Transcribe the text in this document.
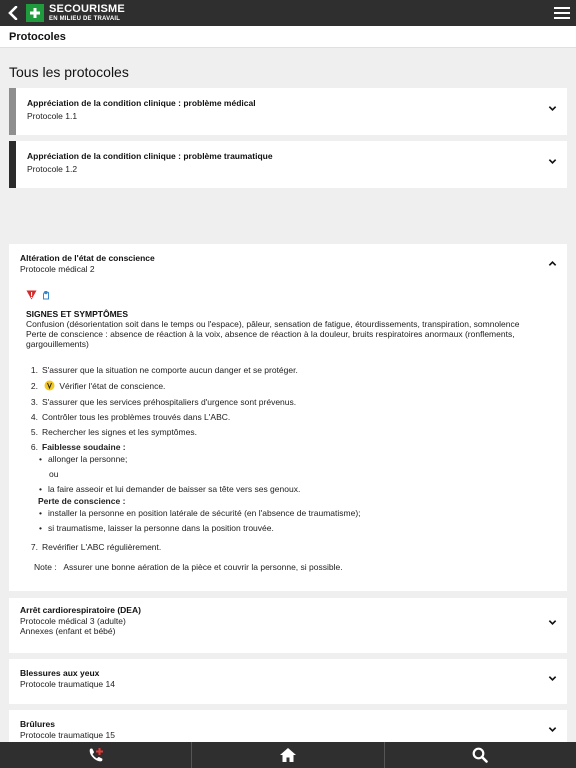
SECOURISME
EN MILIEU DE TRAVAIL
Protocoles
Tous les protocoles
Appréciation de la condition clinique : problème médical
Protocole 1.1
Appréciation de la condition clinique : problème traumatique
Protocole 1.2
Altération de l'état de conscience
Protocole médical 2
SIGNES ET SYMPTÔMES
Confusion (désorientation soit dans le temps ou l'espace), pâleur, sensation de fatigue, étourdissements, transpiration, somnolence
Perte de conscience : absence de réaction à la voix, absence de réaction à la douleur, bruits respiratoires anormaux (ronflements, gargouillements)
1. S'assurer que la situation ne comporte aucun danger et se protéger.
2.	Vérifier l'état de conscience.
3. S'assurer que les services préhospitaliers d'urgence sont prévenus.
4. Contrôler tous les problèmes trouvés dans L'ABC.
5. Rechercher les signes et les symptômes.
6. Faiblesse soudaine :
• allonger la personne;
ou
• la faire asseoir et lui demander de baisser sa tête vers ses genoux.
Perte de conscience :
• installer la personne en position latérale de sécurité (en l'absence de traumatisme);
• si traumatisme, laisser la personne dans la position trouvée.
7. Revérifier L'ABC régulièrement.
Note : Assurer une bonne aération de la pièce et couvrir la personne, si possible.
Arrêt cardiorespiratoire (DEA)
Protocole médical 3 (adulte)
Annexes (enfant et bébé)
Blessures aux yeux
Protocole traumatique 14
Brûlures
Protocole traumatique 15
